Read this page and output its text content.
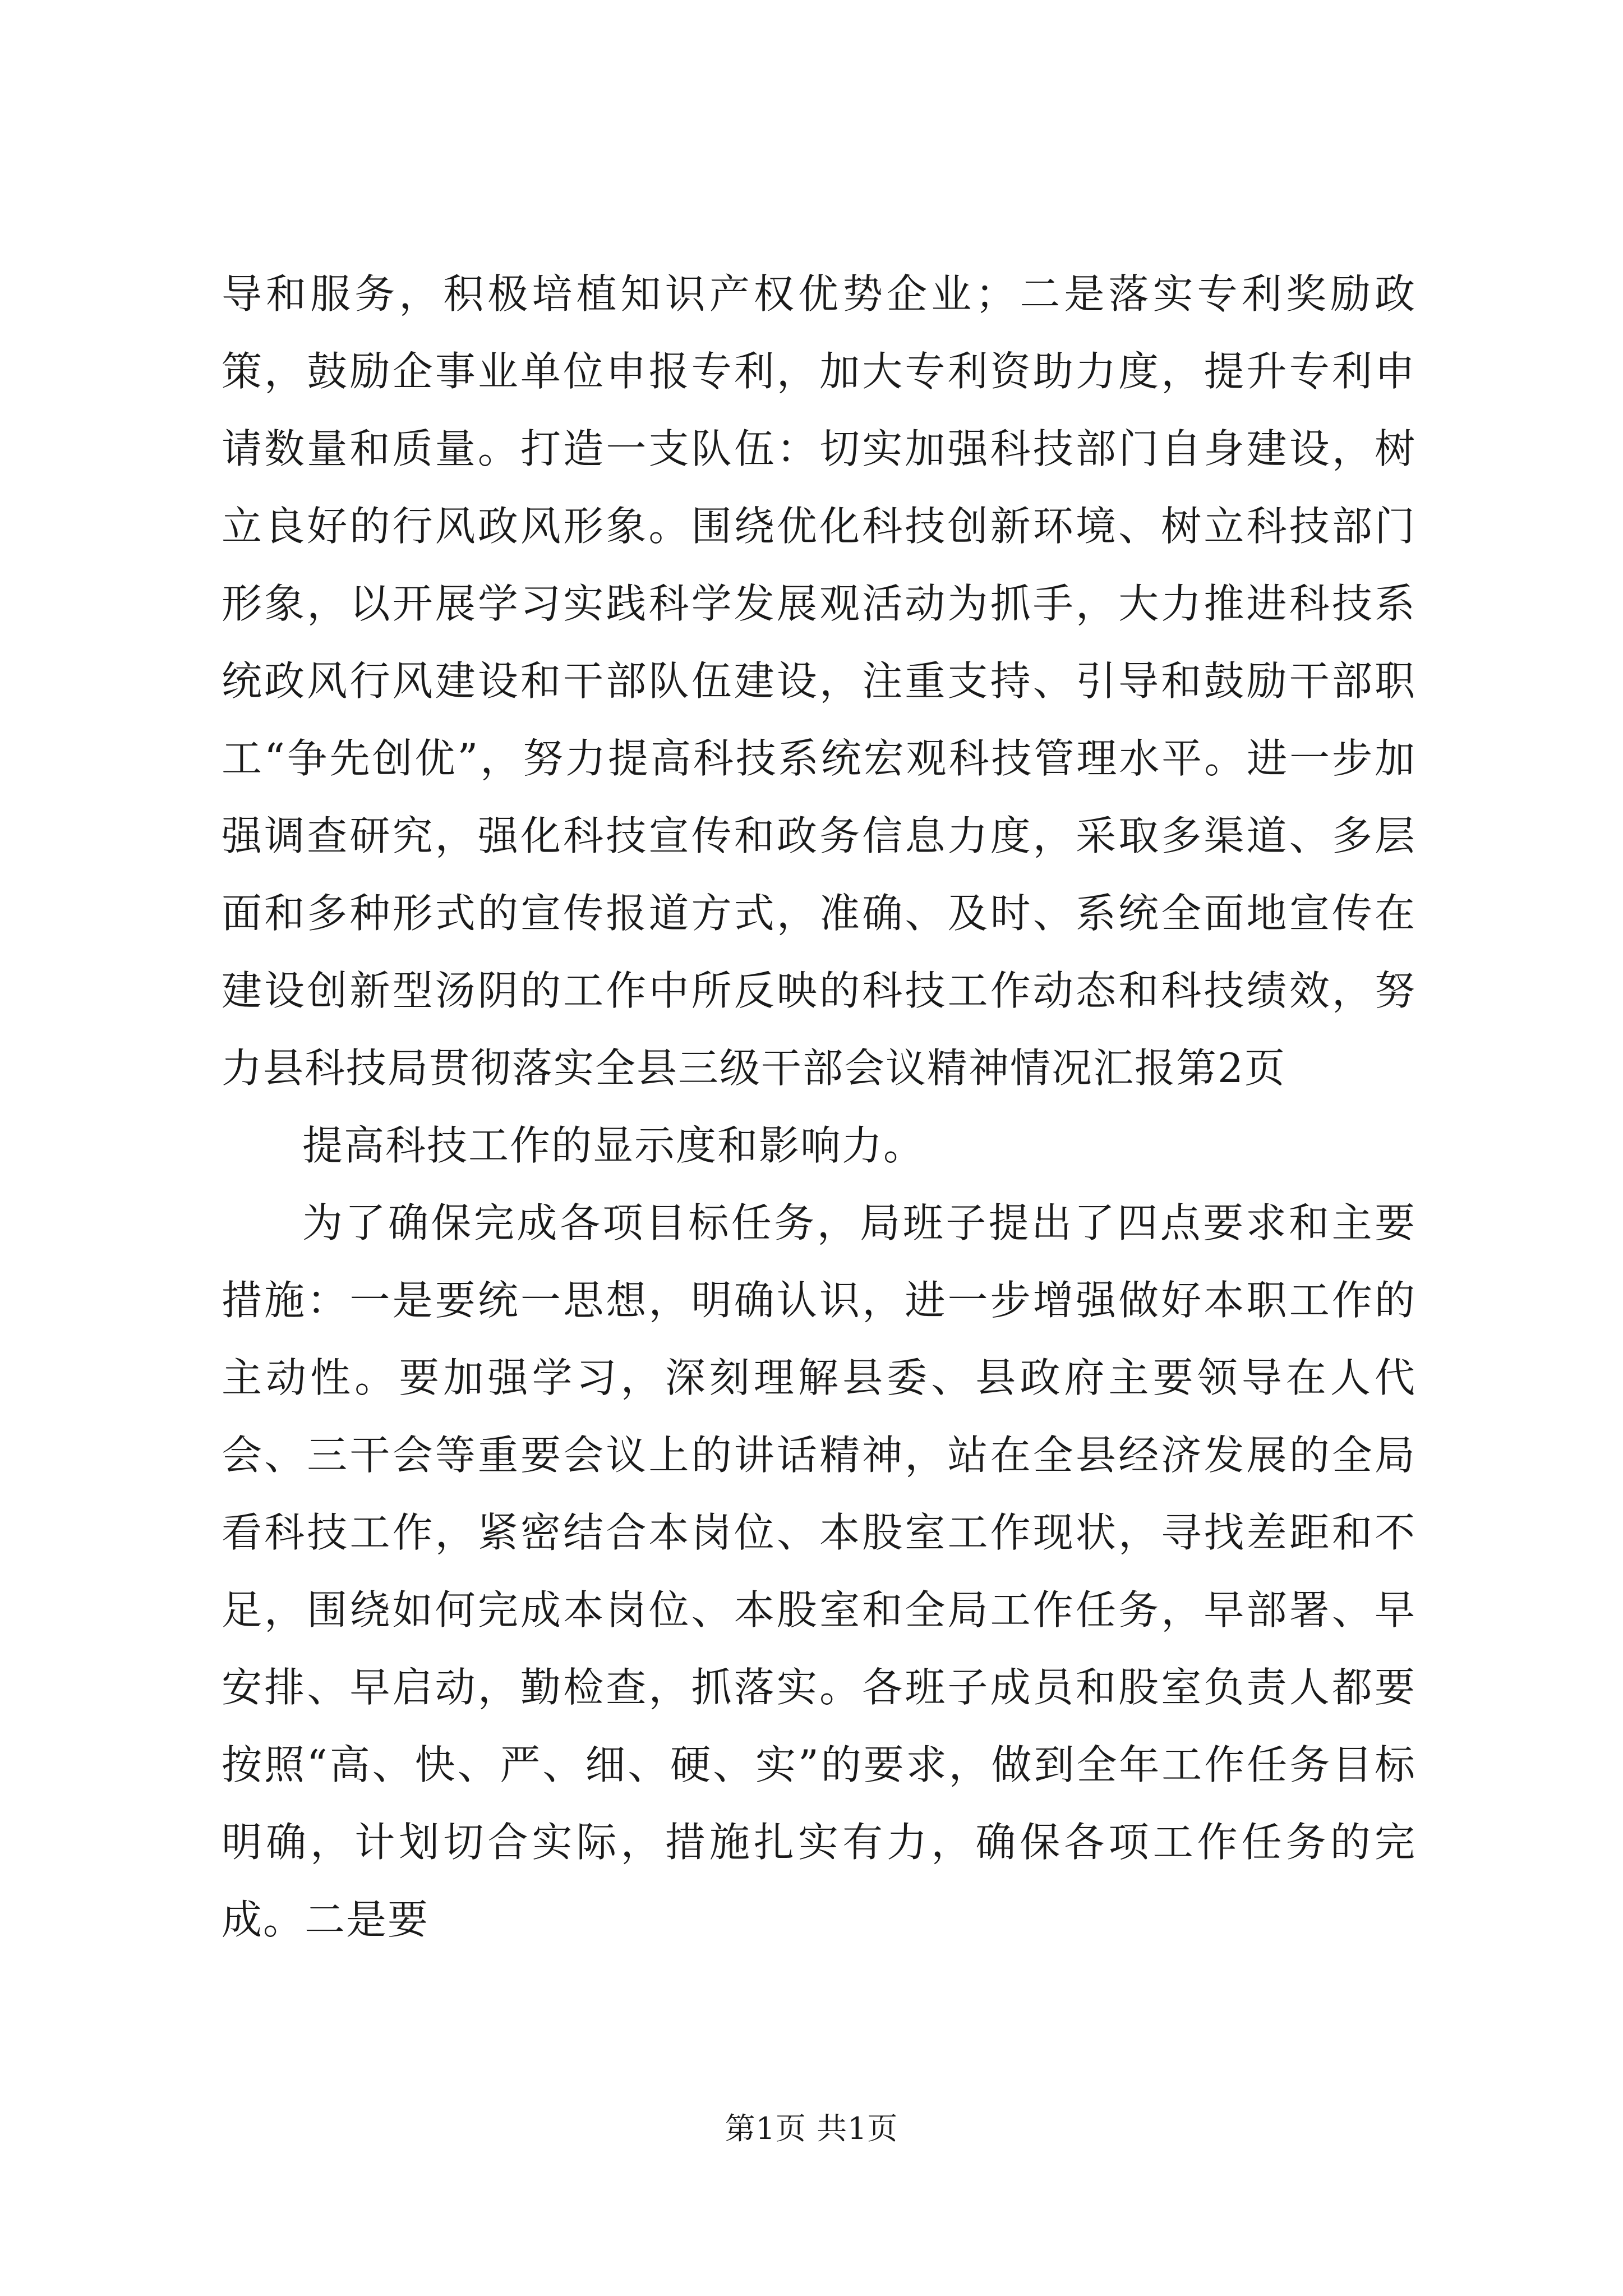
导和服务，积极培植知识产权优势企业；二是落实专利奖励政策，鼓励企事业单位申报专利，加大专利资助力度，提升专利申请数量和质量。打造一支队伍：切实加强科技部门自身建设，树立良好的行风政风形象。围绕优化科技创新环境、树立科技部门形象，以开展学习实践科学发展观活动为抓手，大力推进科技系统政风行风建设和干部队伍建设，注重支持、引导和鼓励干部职工“争先创优”，努力提高科技系统宏观科技管理水平。进一步加强调查研究，强化科技宣传和政务信息力度，采取多渠道、多层面和多种形式的宣传报道方式，准确、及时、系统全面地宣传在建设创新型汤阴的工作中所反映的科技工作动态和科技绩效，努力县科技局贯彻落实全县三级干部会议精神情况汇报第2页

提高科技工作的显示度和影响力。

为了确保完成各项目标任务，局班子提出了四点要求和主要措施：一是要统一思想，明确认识，进一步增强做好本职工作的主动性。要加强学习，深刻理解县委、县政府主要领导在人代会、三干会等重要会议上的讲话精神，站在全县经济发展的全局看科技工作，紧密结合本岗位、本股室工作现状，寻找差距和不足，围绕如何完成本岗位、本股室和全局工作任务，早部署、早安排、早启动，勤检查，抓落实。各班子成员和股室负责人都要按照“高、快、严、细、硬、实”的要求，做到全年工作任务目标明确，计划切合实际，措施扎实有力，确保各项工作任务的完成。二是要

第1页 共1页
